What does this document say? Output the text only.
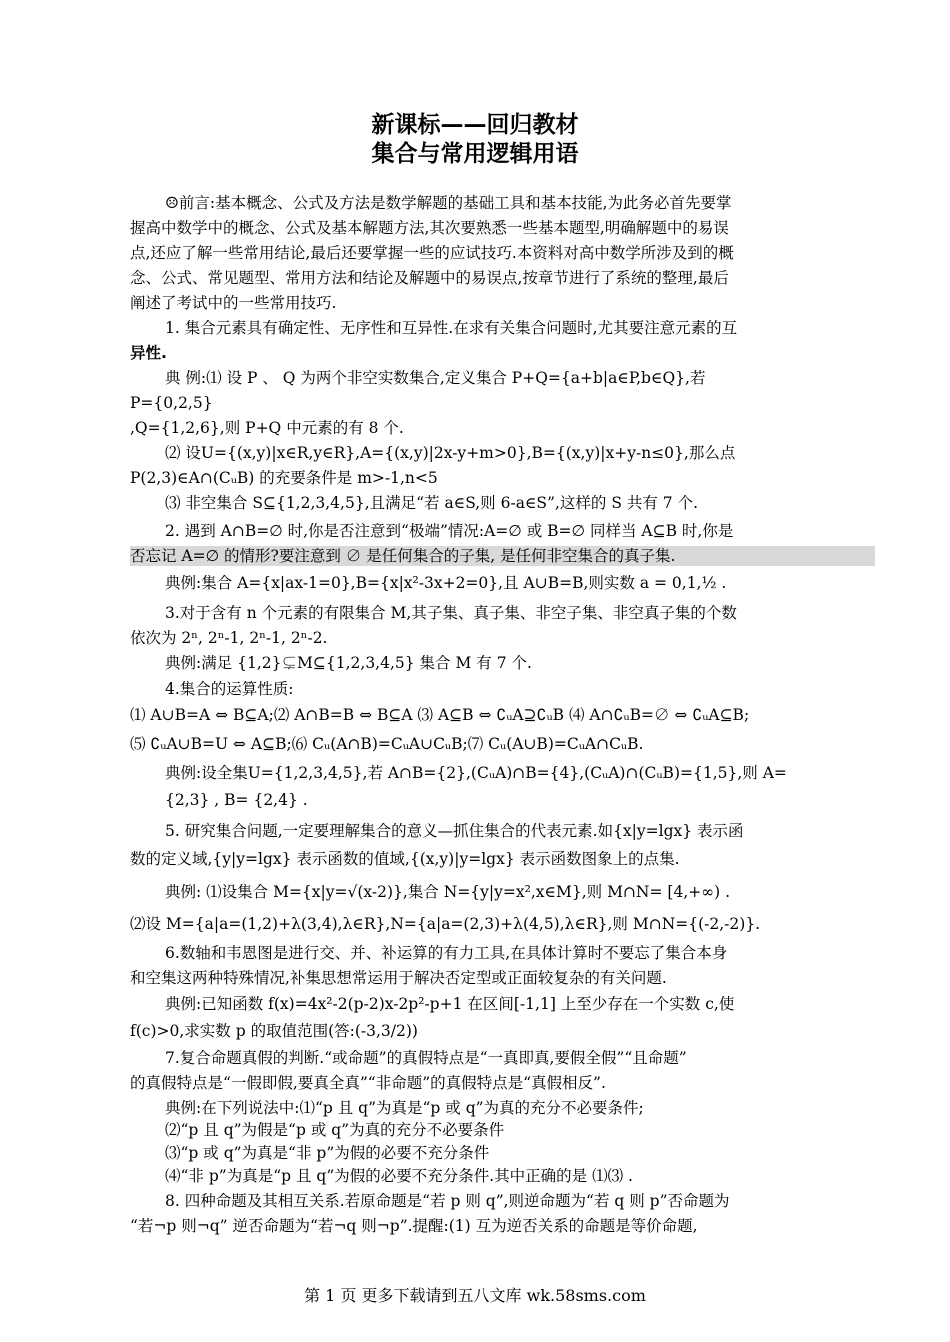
新课标——回归教材
集合与常用逻辑用语
☹前言:基本概念、公式及方法是数学解题的基础工具和基本技能,为此务必首先要掌
握高中数学中的概念、公式及基本解题方法,其次要熟悉一些基本题型,明确解题中的易误
点,还应了解一些常用结论,最后还要掌握一些的应试技巧.本资料对高中数学所涉及到的概
念、公式、常见题型、常用方法和结论及解题中的易误点,按章节进行了系统的整理,最后
阐述了考试中的一些常用技巧.
1. 集合元素具有确定性、无序性和互异性.在求有关集合问题时,尤其要注意元素的互
异性.
典 例:⑴ 设 P 、 Q 为两个非空实数集合,定义集合 P+Q={a+b|a∈P,b∈Q},若
P={0,2,5}
,Q={1,2,6},则 P+Q 中元素的有 8 个.
⑵ 设U={(x,y)|x∈R,y∈R},A={(x,y)|2x-y+m>0},B={(x,y)|x+y-n≤0},那么点
P(2,3)∈A∩(CᵤB) 的充要条件是 m>-1,n<5
⑶ 非空集合 S⊆{1,2,3,4,5},且满足“若 a∈S,则 6-a∈S”,这样的 S 共有 7 个.
2. 遇到 A∩B=∅ 时,你是否注意到“极端”情况:A=∅ 或 B=∅ 同样当 A⊆B 时,你是
否忘记 A=∅ 的情形?要注意到 ∅ 是任何集合的子集, 是任何非空集合的真子集.
典例:集合 A={x|ax-1=0},B={x|x²-3x+2=0},且 A∪B=B,则实数 a = 0,1,½ .
3.对于含有 n 个元素的有限集合 M,其子集、真子集、非空子集、非空真子集的个数
依次为 2ⁿ, 2ⁿ-1, 2ⁿ-1, 2ⁿ-2.
典例:满足 {1,2}⊊M⊆{1,2,3,4,5} 集合 M 有 7 个.
4.集合的运算性质:
⑴ A∪B=A ⇔ B⊆A;⑵ A∩B=B ⇔ B⊆A ⑶ A⊆B ⇔ ∁ᵤA⊇∁ᵤB ⑷ A∩∁ᵤB=∅ ⇔ ∁ᵤA⊆B;
⑸ ∁ᵤA∪B=U ⇔ A⊆B;⑹ Cᵤ(A∩B)=CᵤA∪CᵤB;⑺ Cᵤ(A∪B)=CᵤA∩CᵤB.
典例:设全集U={1,2,3,4,5},若 A∩B={2},(CᵤA)∩B={4},(CᵤA)∩(CᵤB)={1,5},则 A=
{2,3} , B= {2,4} .
5. 研究集合问题,一定要理解集合的意义—抓住集合的代表元素.如{x|y=lgx} 表示函
数的定义域,{y|y=lgx} 表示函数的值域,{(x,y)|y=lgx} 表示函数图象上的点集.
典例: ⑴设集合 M={x|y=√(x-2)},集合 N={y|y=x²,x∈M},则 M∩N= [4,+∞) .
⑵设 M={a|a=(1,2)+λ(3,4),λ∈R},N={a|a=(2,3)+λ(4,5),λ∈R},则 M∩N={(-2,-2)}.
6.数轴和韦恩图是进行交、并、补运算的有力工具,在具体计算时不要忘了集合本身
和空集这两种特殊情况,补集思想常运用于解决否定型或正面较复杂的有关问题.
典例:已知函数 f(x)=4x²-2(p-2)x-2p²-p+1 在区间[-1,1] 上至少存在一个实数 c,使
f(c)>0,求实数 p 的取值范围(答:(-3,3/2))
7.复合命题真假的判断.“或命题”的真假特点是“一真即真,要假全假”“且命题”
的真假特点是“一假即假,要真全真”“非命题”的真假特点是“真假相反”.
典例:在下列说法中:⑴“p 且 q”为真是“p 或 q”为真的充分不必要条件;
⑵“p 且 q”为假是“p 或 q”为真的充分不必要条件
⑶“p 或 q”为真是“非 p”为假的必要不充分条件
⑷“非 p”为真是“p 且 q”为假的必要不充分条件.其中正确的是 ⑴⑶ .
8. 四种命题及其相互关系.若原命题是“若 p 则 q”,则逆命题为“若 q 则 p”否命题为
“若¬p 则¬q” 逆否命题为“若¬q 则¬p”.提醒:(1) 互为逆否关系的命题是等价命题,
第 1 页 更多下载请到五八文库 wk.58sms.com
